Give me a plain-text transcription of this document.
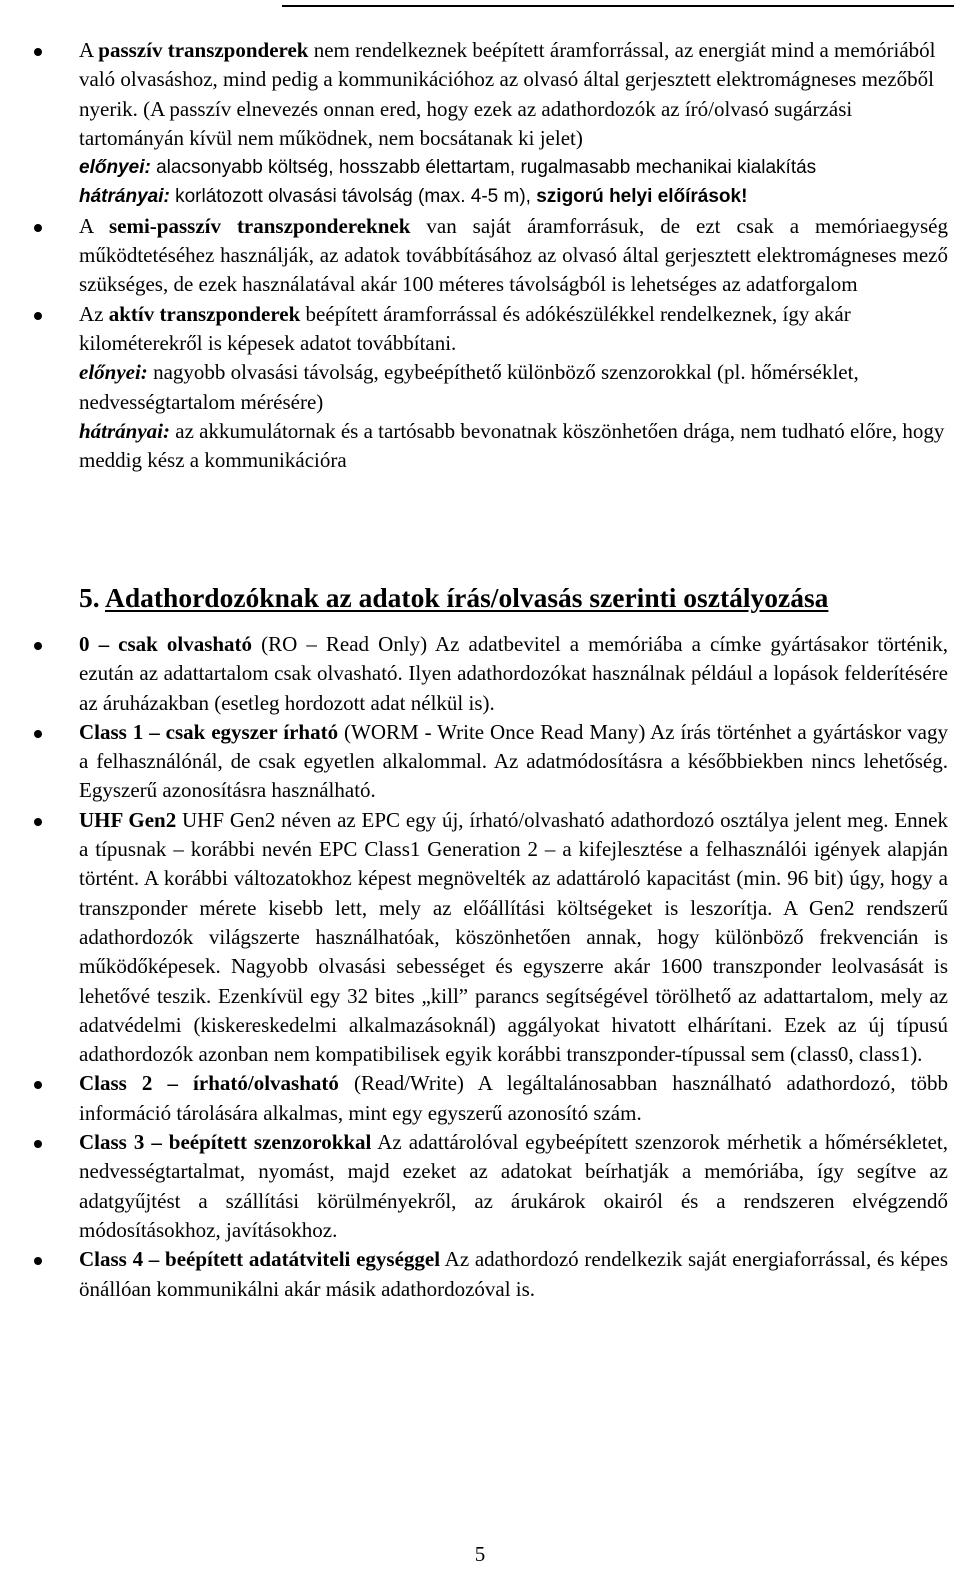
A passzív transzponderek nem rendelkeznek beépített áramforrással, az energiát mind a memóriából való olvasáshoz, mind pedig a kommunikációhoz az olvasó által gerjesztett elektromágneses mezőből nyerik. (A passzív elnevezés onnan ered, hogy ezek az adathordozók az író/olvasó sugárzási tartományán kívül nem működnek, nem bocsátanak ki jelet)

előnyei: alacsonyabb költség, hosszabb élettartam, rugalmasabb mechanikai kialakítás

hátrányai: korlátozott olvasási távolság (max. 4-5 m), szigorú helyi előírások!

A semi-passzív transzpondereknek van saját áramforrásuk, de ezt csak a memóriaegység működtetéséhez használják, az adatok továbbításához az olvasó által gerjesztett elektromágneses mező szükséges, de ezek használatával akár 100 méteres távolságból is lehetséges az adatforgalom

Az aktív transzponderek beépített áramforrással és adókészülékkel rendelkeznek, így akár kilométerekről is képesek adatot továbbítani.

előnyei: nagyobb olvasási távolság, egybeépíthető különböző szenzorokkal (pl. hőmérséklet, nedvességtartalom mérésére)

hátrányai: az akkumulátornak és a tartósabb bevonatnak köszönhetően drága, nem tudható előre, hogy meddig kész a kommunikációra

5. Adathordozóknak az adatok írás/olvasás szerinti osztályozása

0 – csak olvasható (RO – Read Only) Az adatbevitel a memóriába a címke gyártásakor történik, ezután az adattartalom csak olvasható. Ilyen adathordozókat használnak például a lopások felderítésére az áruházakban (esetleg hordozott adat nélkül is).

Class 1 – csak egyszer írható (WORM - Write Once Read Many) Az írás történhet a gyártáskor vagy a felhasználónál, de csak egyetlen alkalommal. Az adatmódosításra a későbbiekben nincs lehetőség. Egyszerű azonosításra használható.

UHF Gen2 UHF Gen2 néven az EPC egy új, írható/olvasható adathordozó osztálya jelent meg. Ennek a típusnak – korábbi nevén EPC Class1 Generation 2 – a kifejlesztése a felhasználói igények alapján történt. A korábbi változatokhoz képest megnövelték az adattároló kapacitást (min. 96 bit) úgy, hogy a transzponder mérete kisebb lett, mely az előállítási költségeket is leszorítja. A Gen2 rendszerű adathordozók világszerte használhatóak, köszönhetően annak, hogy különböző frekvencián is működőképesek. Nagyobb olvasási sebességet és egyszerre akár 1600 transzponder leolvasását is lehetővé teszik. Ezenkívül egy 32 bites „kill” parancs segítségével törölhető az adattartalom, mely az adatvédelmi (kiskereskedelmi alkalmazásoknál) aggályokat hivatott elhárítani. Ezek az új típusú adathordozók azonban nem kompatibilisek egyik korábbi transzponder-típussal sem (class0, class1).

Class 2 – írható/olvasható (Read/Write) A legáltalánosabban használható adathordozó, több információ tárolására alkalmas, mint egy egyszerű azonosító szám.

Class 3 – beépített szenzorokkal Az adattárolóval egybeépített szenzorok mérhetik a hőmérsékletet, nedvességtartalmat, nyomást, majd ezeket az adatokat beírhatják a memóriába, így segítve az adatgyűjtést a szállítási körülményekről, az árukárok okairól és a rendszeren elvégzendő módosításokhoz, javításokhoz.

Class 4 – beépített adatátviteli egységgel Az adathordozó rendelkezik saját energiaforrással, és képes önállóan kommunikálni akár másik adathordozóval is.

5
